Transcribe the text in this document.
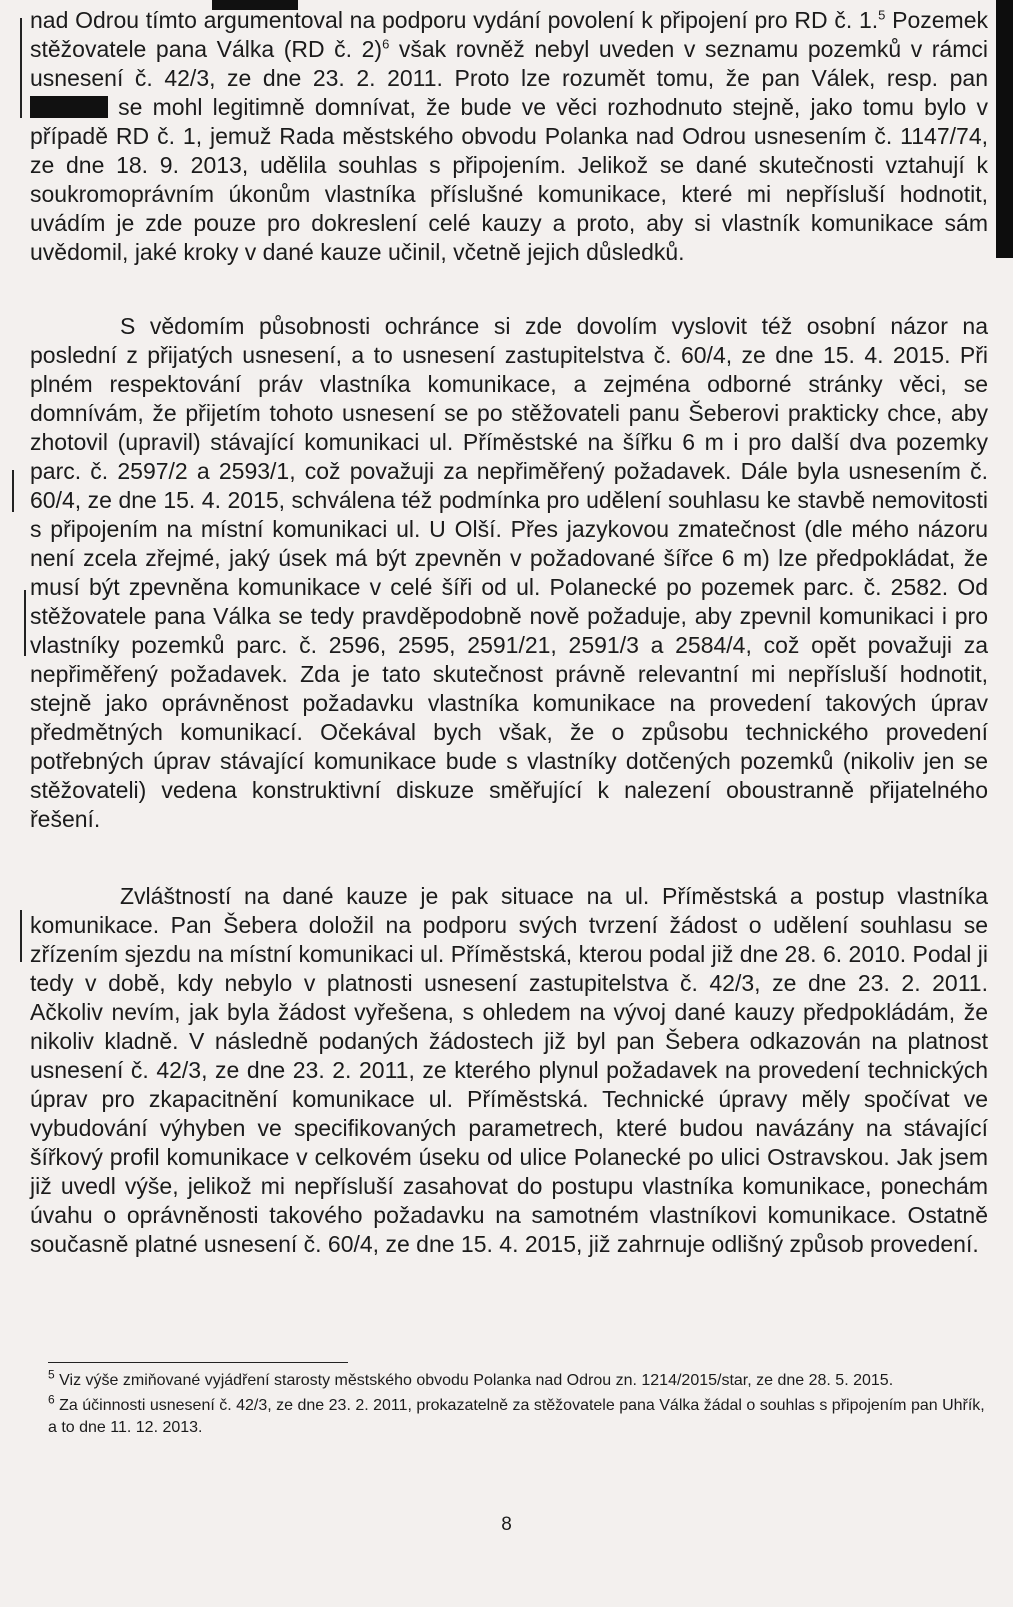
nad Odrou tímto argumentoval na podporu vydání povolení k připojení pro RD č. 1.$^5$ Pozemek stěžovatele pana Válka (RD č. 2)$^6$ však rovněž nebyl uveden v seznamu pozemků v rámci usnesení č. 42/3, ze dne 23. 2. 2011. Proto lze rozumět tomu, že pan Válek, resp. pan  se mohl legitimně domnívat, že bude ve věci rozhodnuto stejně, jako tomu bylo v případě RD č. 1, jemuž Rada městského obvodu Polanka nad Odrou usnesením č. 1147/74, ze dne 18. 9. 2013, udělila souhlas s připojením. Jelikož se dané skutečnosti vztahují k soukromoprávním úkonům vlastníka příslušné komunikace, které mi nepřísluší hodnotit, uvádím je zde pouze pro dokreslení celé kauzy a proto, aby si vlastník komunikace sám uvědomil, jaké kroky v dané kauze učinil, včetně jejich důsledků.

S vědomím působnosti ochránce si zde dovolím vyslovit též osobní názor na poslední z přijatých usnesení, a to usnesení zastupitelstva č. 60/4, ze dne 15. 4. 2015. Při plném respektování práv vlastníka komunikace, a zejména odborné stránky věci, se domnívám, že přijetím tohoto usnesení se po stěžovateli panu Šeberovi prakticky chce, aby zhotovil (upravil) stávající komunikaci ul. Příměstské na šířku 6 m i pro další dva pozemky parc. č. 2597/2 a 2593/1, což považuji za nepřiměřený požadavek. Dále byla usnesením č. 60/4, ze dne 15. 4. 2015, schválena též podmínka pro udělení souhlasu ke stavbě nemovitosti s připojením na místní komunikaci ul. U Olší. Přes jazykovou zmatečnost (dle mého názoru není zcela zřejmé, jaký úsek má být zpevněn v požadované šířce 6 m) lze předpokládat, že musí být zpevněna komunikace v celé šíři od ul. Polanecké po pozemek parc. č. 2582. Od stěžovatele pana Válka se tedy pravděpodobně nově požaduje, aby zpevnil komunikaci i pro vlastníky pozemků parc. č. 2596, 2595, 2591/21, 2591/3 a 2584/4, což opět považuji za nepřiměřený požadavek. Zda je tato skutečnost právně relevantní mi nepřísluší hodnotit, stejně jako oprávněnost požadavku vlastníka komunikace na provedení takových úprav předmětných komunikací. Očekával bych však, že o způsobu technického provedení potřebných úprav stávající komunikace bude s vlastníky dotčených pozemků (nikoliv jen se stěžovateli) vedena konstruktivní diskuze směřující k nalezení oboustranně přijatelného řešení.

Zvláštností na dané kauze je pak situace na ul. Příměstská a postup vlastníka komunikace. Pan Šebera doložil na podporu svých tvrzení žádost o udělení souhlasu se zřízením sjezdu na místní komunikaci ul. Příměstská, kterou podal již dne 28. 6. 2010. Podal ji tedy v době, kdy nebylo v platnosti usnesení zastupitelstva č. 42/3, ze dne 23. 2. 2011. Ačkoliv nevím, jak byla žádost vyřešena, s ohledem na vývoj dané kauzy předpokládám, že nikoliv kladně. V následně podaných žádostech již byl pan Šebera odkazován na platnost usnesení č. 42/3, ze dne 23. 2. 2011, ze kterého plynul požadavek na provedení technických úprav pro zkapacitnění komunikace ul. Příměstská. Technické úpravy měly spočívat ve vybudování výhyben ve specifikovaných parametrech, které budou navázány na stávající šířkový profil komunikace v celkovém úseku od ulice Polanecké po ulici Ostravskou. Jak jsem již uvedl výše, jelikož mi nepřísluší zasahovat do postupu vlastníka komunikace, ponechám úvahu o oprávněnosti takového požadavku na samotném vlastníkovi komunikace. Ostatně současně platné usnesení č. 60/4, ze dne 15. 4. 2015, již zahrnuje odlišný způsob provedení.

$^5$ Viz výše zmiňované vyjádření starosty městského obvodu Polanka nad Odrou zn. 1214/2015/star, ze dne 28. 5. 2015.

$^6$ Za účinnosti usnesení č. 42/3, ze dne 23. 2. 2011, prokazatelně za stěžovatele pana Válka žádal o souhlas s připojením pan Uhřík, a to dne 11. 12. 2013.

8
